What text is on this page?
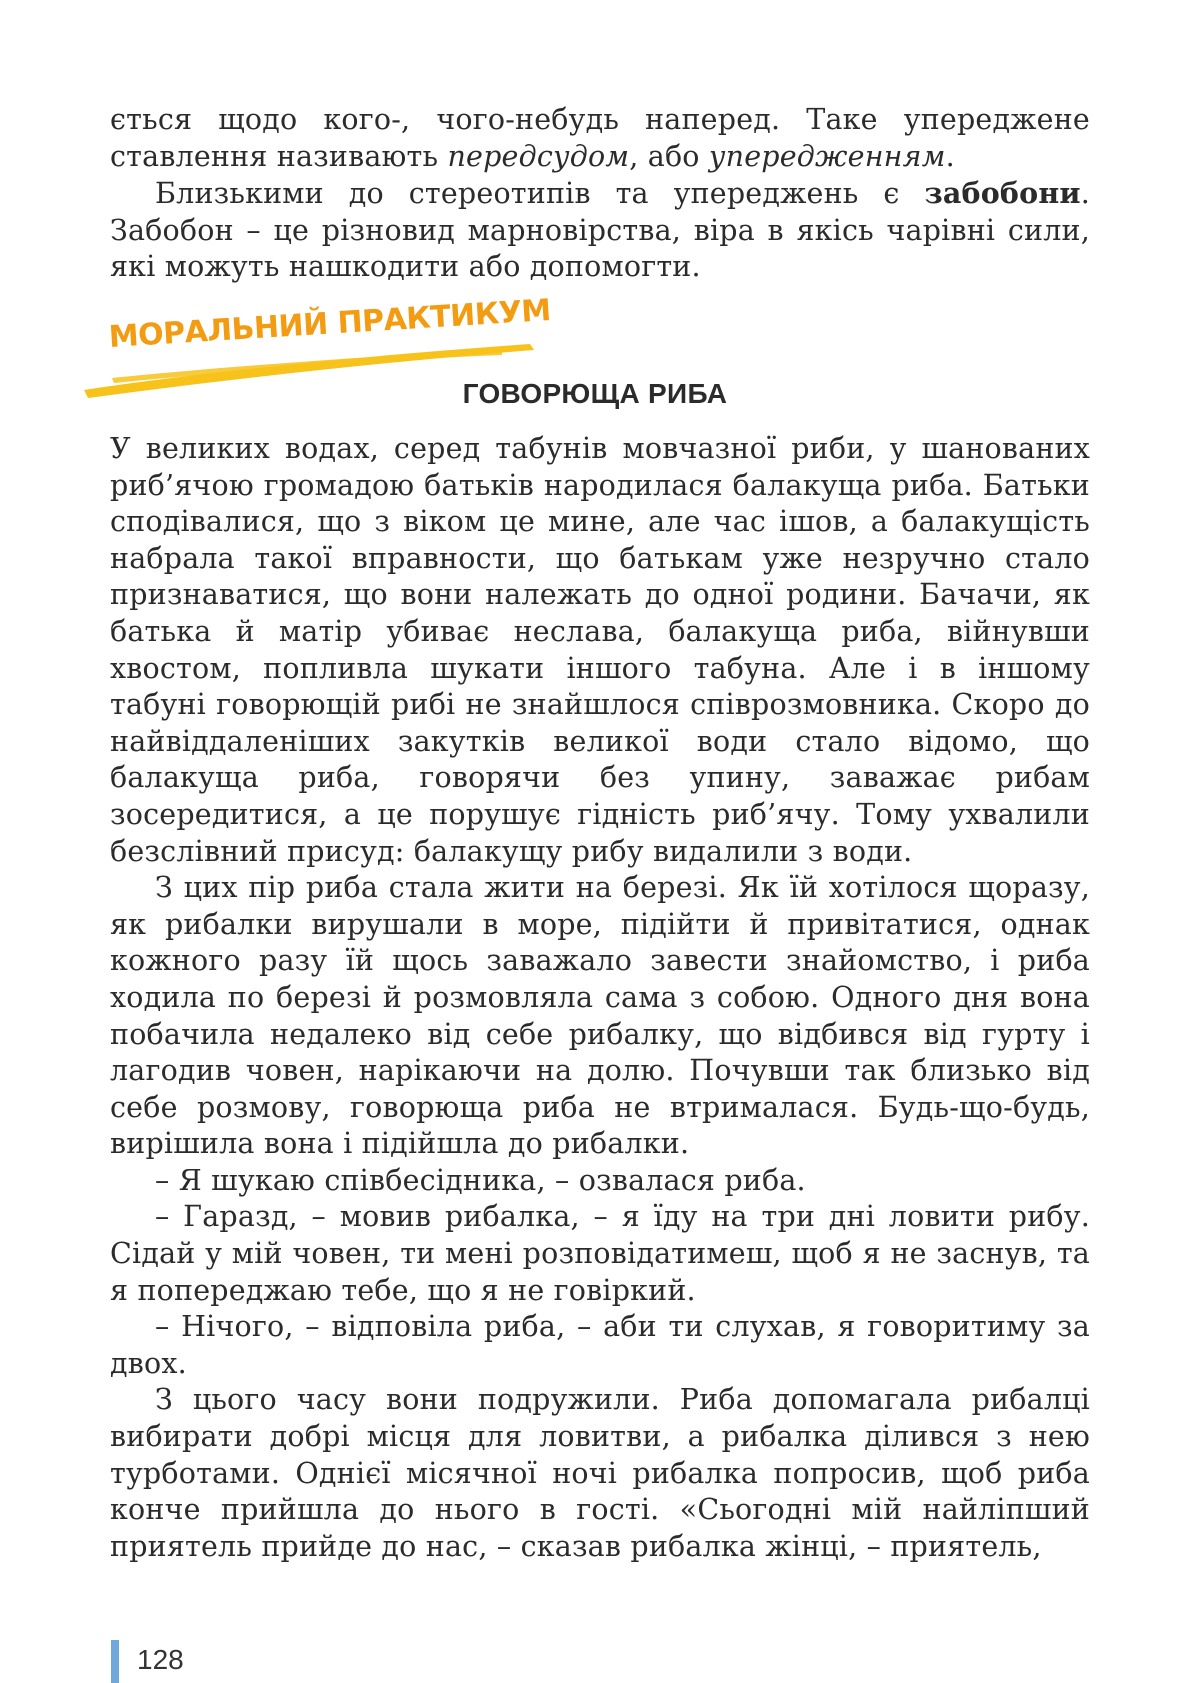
ється щодо кого-, чого-небудь наперед. Таке упереджене ставлення називають передсудом, або упередженням.

Близькими до стереотипів та упереджень є забобони. Забобон – це різновид марновірства, віра в якісь чарівні сили, які можуть нашкодити або допомогти.

МОРАЛЬНИЙ ПРАКТИКУМ
ГОВОРЮЩА РИБА

У великих водах, серед табунів мовчазної риби, у шанованих риб’ячою громадою батьків народилася балакуща риба. Батьки сподівалися, що з віком це мине, але час ішов, а балакущість набрала такої вправности, що батькам уже незручно стало признаватися, що вони належать до одної родини. Бачачи, як батька й матір убиває неслава, балакуща риба, війнувши хвостом, попливла шукати іншого табуна. Але і в іншому табуні говорющій рибі не знайшлося співрозмовника. Скоро до найвіддаленіших закутків великої води стало відомо, що балакуща риба, говорячи без упину, заважає рибам зосередитися, а це порушує гідність риб’ячу. Тому ухвалили безслівний присуд: балакущу рибу видалили з води.

З цих пір риба стала жити на березі. Як їй хотілося щоразу, як рибалки вирушали в море, підійти й привітатися, однак кожного разу їй щось заважало завести знайомство, і риба ходила по березі й розмовляла сама з собою. Одного дня вона побачила недалеко від себе рибалку, що відбився від гурту і лагодив човен, нарікаючи на долю. Почувши так близько від себе розмову, говорюща риба не втрималася. Будь-що-будь, вирішила вона і підійшла до рибалки.

– Я шукаю співбесідника, – озвалася риба.

– Гаразд, – мовив рибалка, – я їду на три дні ловити рибу. Сідай у мій човен, ти мені розповідатимеш, щоб я не заснув, та я попереджаю тебе, що я не говіркий.

– Нічого, – відповіла риба, – аби ти слухав, я говоритиму за двох.

З цього часу вони подружили. Риба допомагала рибалці вибирати добрі місця для ловитви, а рибалка ділився з нею турботами. Однієї місячної ночі рибалка попросив, щоб риба конче прийшла до нього в гості. «Сьогодні мій найліпший приятель прийде до нас, – сказав рибалка жінці, – приятель,

128
